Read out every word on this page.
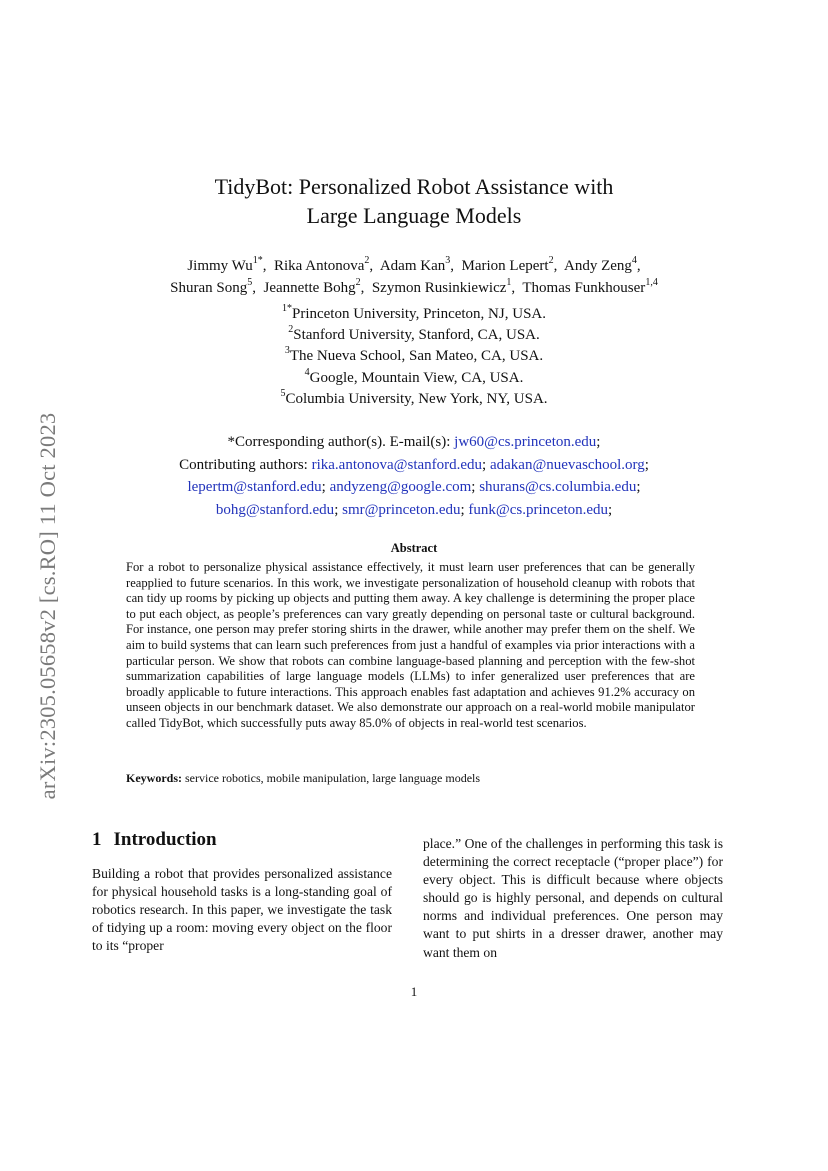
arXiv:2305.05658v2 [cs.RO] 11 Oct 2023
TidyBot: Personalized Robot Assistance with
Large Language Models
Jimmy $Wu^{1*}$,  Rika Antonova$^2$,  Adam Kan$^3$,  Marion Lepert$^2$,  Andy Zeng$^4$,
Shuran Song$^5$,  Jeannette Bohg$^2$,  Szymon Rusinkiewicz$^1$,  Thomas Funkhouser$^{1,4}$
$^{1*}$Princeton University, Princeton, NJ, USA.
$^2$Stanford University, Stanford, CA, USA.
$^3$The Nueva School, San Mateo, CA, USA.
$^4$Google, Mountain View, CA, USA.
$^5$Columbia University, New York, NY, USA.
*Corresponding author(s). E-mail(s): jw60@cs.princeton.edu;
Contributing authors: rika.antonova@stanford.edu; adakan@nuevaschool.org;
lepertm@stanford.edu; andyzeng@google.com; shurans@cs.columbia.edu;
bohg@stanford.edu; smr@princeton.edu; funk@cs.princeton.edu;
Abstract
For a robot to personalize physical assistance effectively, it must learn user preferences that can be generally reapplied to future scenarios. In this work, we investigate personalization of household cleanup with robots that can tidy up rooms by picking up objects and putting them away. A key challenge is determining the proper place to put each object, as people’s preferences can vary greatly depending on personal taste or cultural background. For instance, one person may prefer storing shirts in the drawer, while another may prefer them on the shelf. We aim to build systems that can learn such preferences from just a handful of examples via prior interactions with a particular person. We show that robots can combine language-based planning and perception with the few-shot summarization capabilities of large language models (LLMs) to infer generalized user preferences that are broadly applicable to future interactions. This approach enables fast adaptation and achieves 91.2% accuracy on unseen objects in our benchmark dataset. We also demonstrate our approach on a real-world mobile manipulator called TidyBot, which successfully puts away 85.0% of objects in real-world test scenarios.
Keywords: service robotics, mobile manipulation, large language models
1 Introduction
Building a robot that provides personalized assistance for physical household tasks is a long-standing goal of robotics research. In this paper, we investigate the task of tidying up a room: moving every object on the floor to its “proper
place.” One of the challenges in performing this task is determining the correct receptacle (“proper place”) for every object. This is difficult because where objects should go is highly personal, and depends on cultural norms and individual preferences. One person may want to put shirts in a dresser drawer, another may want them on
1
